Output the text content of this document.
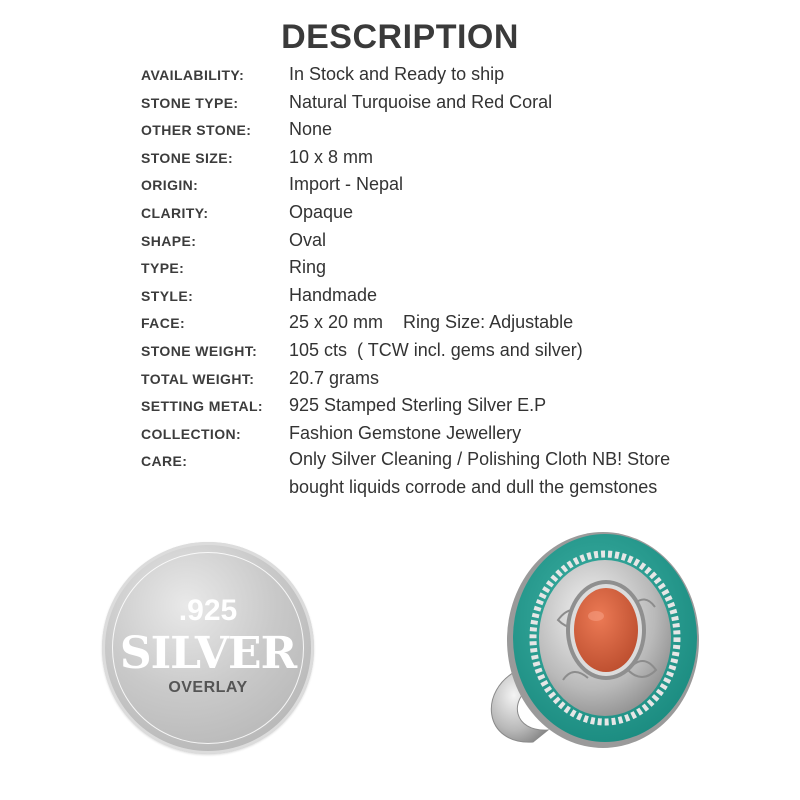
DESCRIPTION
AVAILABILITY: In Stock and Ready to ship
STONE TYPE:	Natural Turquoise and Red Coral
OTHER STONE: None
STONE SIZE:	10 x 8 mm
ORIGIN:	Import - Nepal
CLARITY:	Opaque
SHAPE:	Oval
TYPE:	Ring
STYLE:	Handmade
FACE:	25 x 20 mm    Ring Size: Adjustable
STONE WEIGHT: 105 cts  ( TCW incl. gems and silver)
TOTAL WEIGHT: 20.7 grams
SETTING METAL: 925 Stamped Sterling Silver E.P
COLLECTION:	Fashion Gemstone Jewellery
CARE:	Only Silver Cleaning / Polishing Cloth NB! Store bought liquids corrode and dull the gemstones
.925
SILVER
OVERLAY
